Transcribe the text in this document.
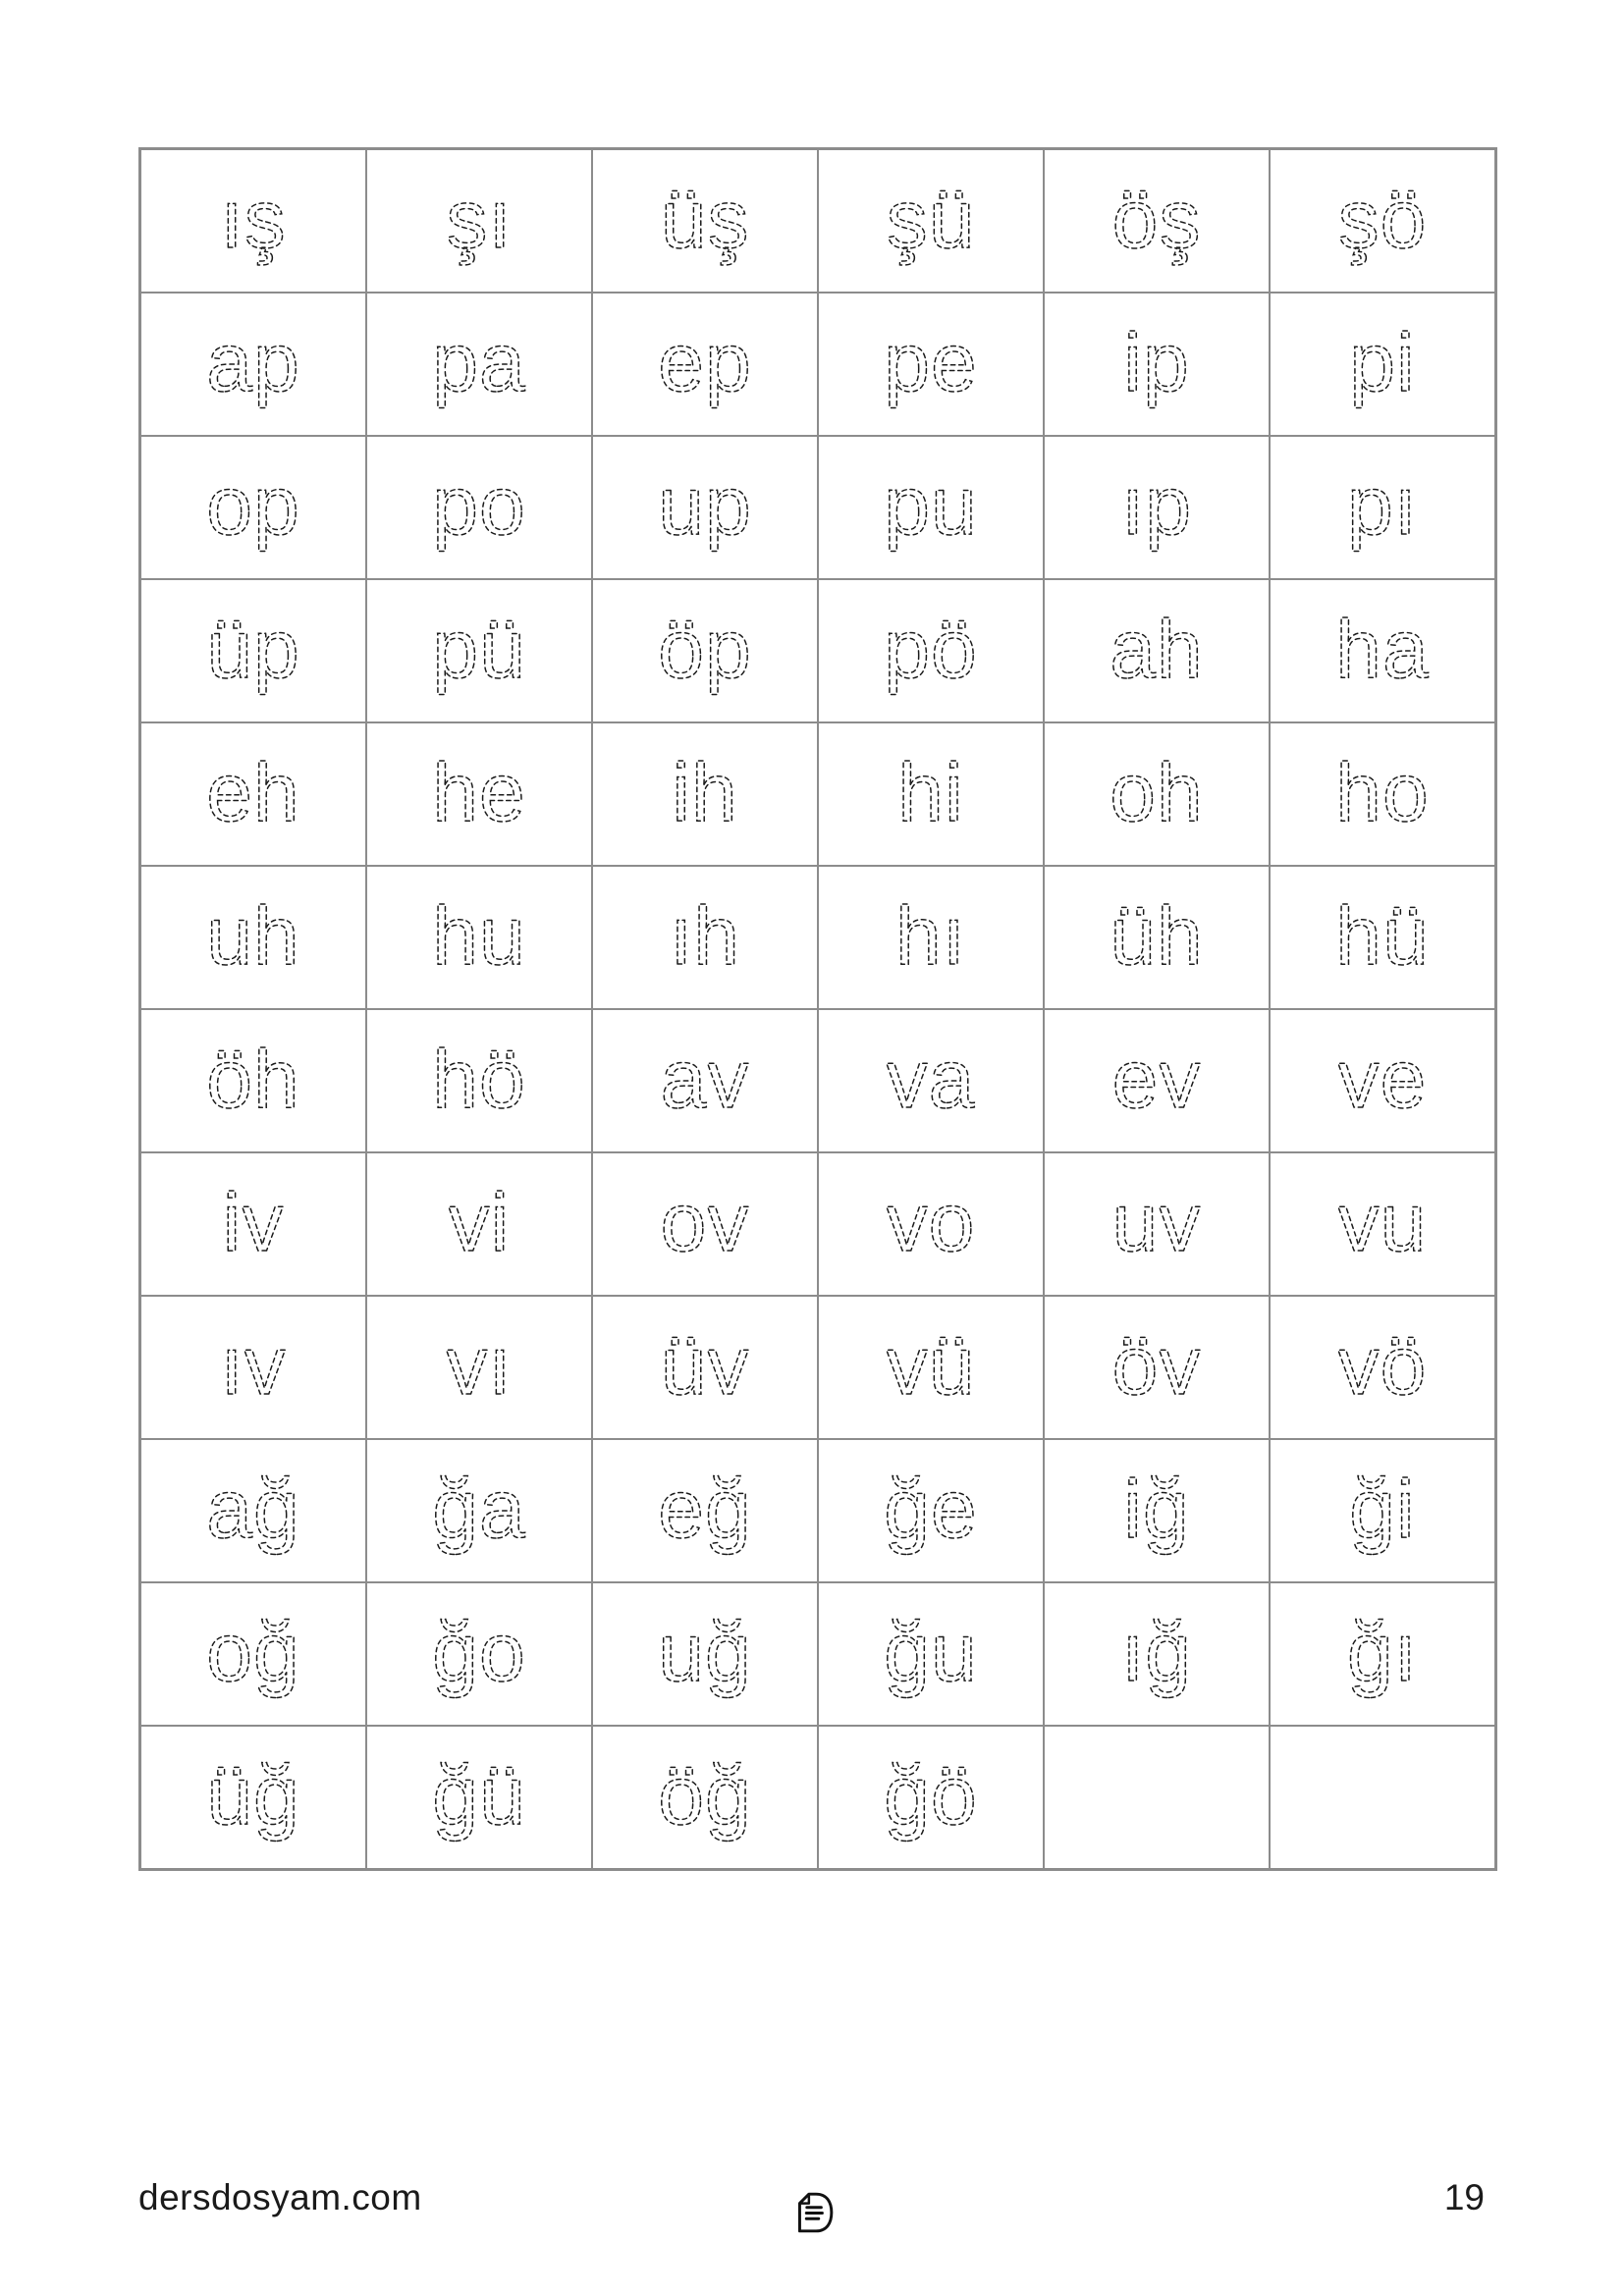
ış	şı	üş	şü	öş	şö

ap	pa	ep	pe	ip	pi

op	po	up	pu	ıp	pı

üp	pü	öp	pö	ah	ha

eh	he	ih	hi	oh	ho

uh	hu	ıh	hı	üh	hü

öh	hö	av	va	ev	ve

iv	vi	ov	vo	uv	vu

ıv	vı	üv	vü	öv	vö

ağ	ğa	eğ	ğe	iğ	ği

oğ	ğo	uğ	ğu	ığ	ğı

üğ	ğü	öğ	ğö		

dersdosyam.com	19
